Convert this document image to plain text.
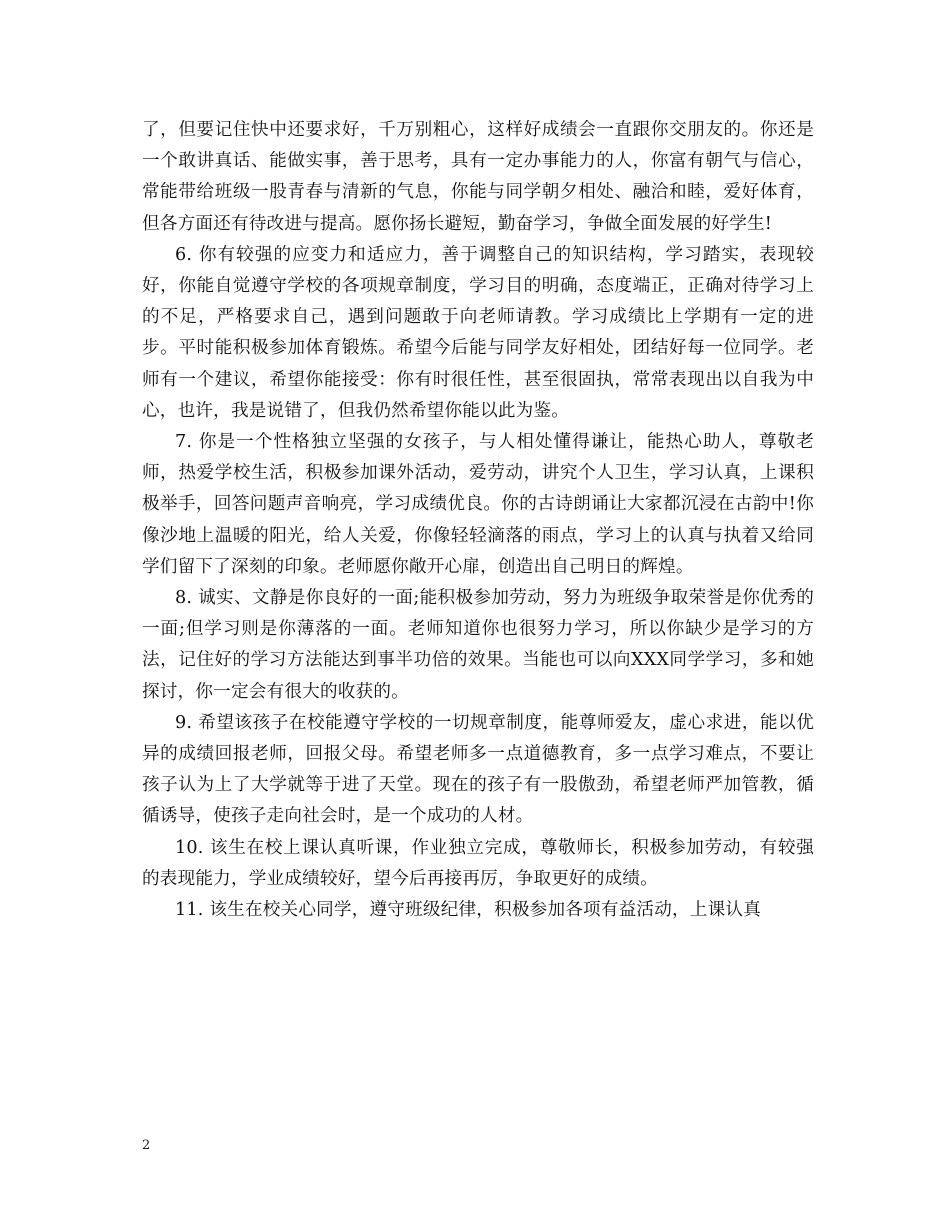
了，但要记住快中还要求好，千万别粗心，这样好成绩会一直跟你交朋友的。你还是一个敢讲真话、能做实事，善于思考，具有一定办事能力的人，你富有朝气与信心，常能带给班级一股青春与清新的气息，你能与同学朝夕相处、融洽和睦，爱好体育，但各方面还有待改进与提高。愿你扬长避短，勤奋学习，争做全面发展的好学生!

6. 你有较强的应变力和适应力，善于调整自己的知识结构，学习踏实，表现较好，你能自觉遵守学校的各项规章制度，学习目的明确，态度端正，正确对待学习上的不足，严格要求自己，遇到问题敢于向老师请教。学习成绩比上学期有一定的进步。平时能积极参加体育锻炼。希望今后能与同学友好相处，团结好每一位同学。老师有一个建议，希望你能接受：你有时很任性，甚至很固执，常常表现出以自我为中心，也许，我是说错了，但我仍然希望你能以此为鉴。

7. 你是一个性格独立坚强的女孩子，与人相处懂得谦让，能热心助人，尊敬老师，热爱学校生活，积极参加课外活动，爱劳动，讲究个人卫生，学习认真，上课积极举手，回答问题声音响亮，学习成绩优良。你的古诗朗诵让大家都沉浸在古韵中!你像沙地上温暖的阳光，给人关爱，你像轻轻滴落的雨点，学习上的认真与执着又给同学们留下了深刻的印象。老师愿你敞开心扉，创造出自己明日的辉煌。

8. 诚实、文静是你良好的一面;能积极参加劳动，努力为班级争取荣誉是你优秀的一面;但学习则是你薄落的一面。老师知道你也很努力学习，所以你缺少是学习的方法，记住好的学习方法能达到事半功倍的效果。当能也可以向XXX同学学习，多和她探讨，你一定会有很大的收获的。

9. 希望该孩子在校能遵守学校的一切规章制度，能尊师爱友，虚心求进，能以优异的成绩回报老师，回报父母。希望老师多一点道德教育，多一点学习难点，不要让孩子认为上了大学就等于进了天堂。现在的孩子有一股傲劲，希望老师严加管教，循循诱导，使孩子走向社会时，是一个成功的人材。

10. 该生在校上课认真听课，作业独立完成，尊敬师长，积极参加劳动，有较强的表现能力，学业成绩较好，望今后再接再厉，争取更好的成绩。

11. 该生在校关心同学，遵守班级纪律，积极参加各项有益活动，上课认真

2
